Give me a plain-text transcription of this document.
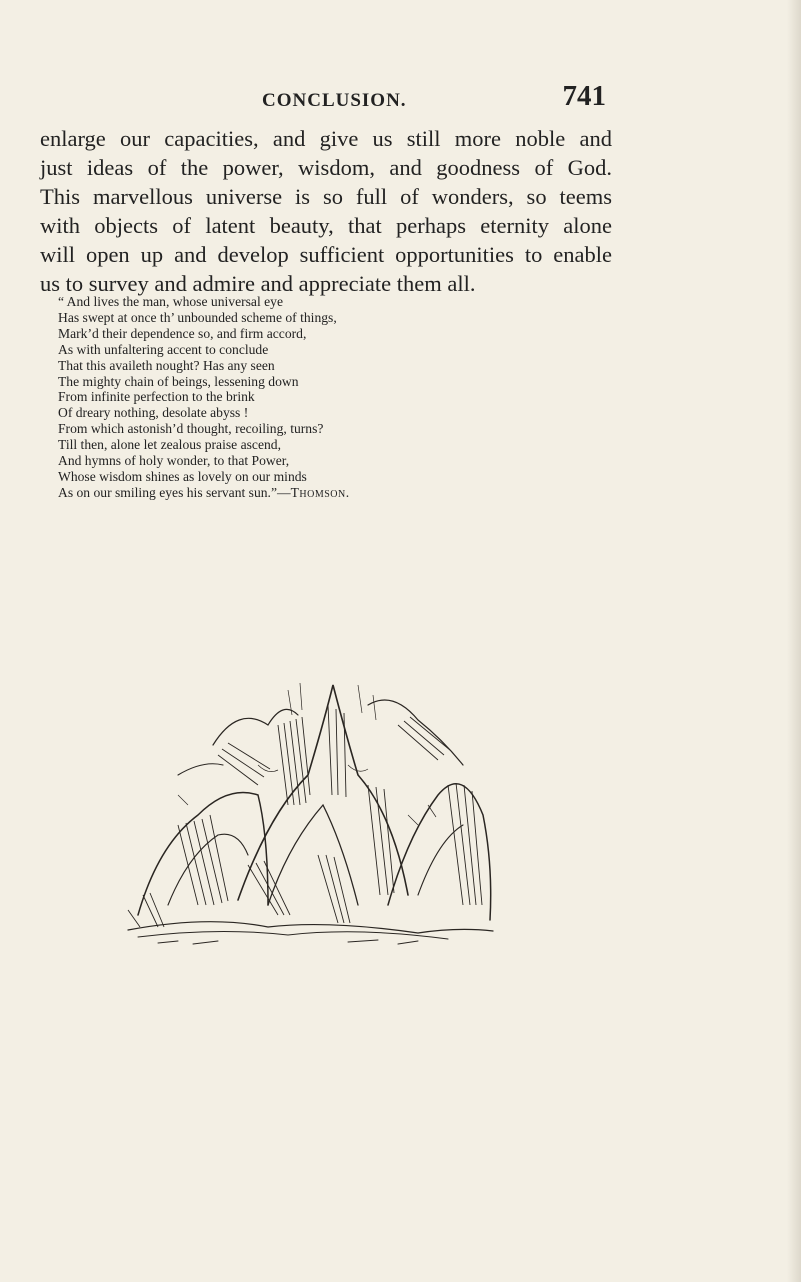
CONCLUSION.	741
enlarge our capacities, and give us still more noble and
just ideas of the power, wisdom, and goodness of God.
This marvellous universe is so full of wonders, so teems
with objects of latent beauty, that perhaps eternity alone
will open up and develop sufficient opportunities to enable
us to survey and admire and appreciate them all.
“ And lives the man, whose universal eye
Has swept at once th’ unbounded scheme of things,
Mark’d their dependence so, and firm accord,
As with unfaltering accent to conclude
That this availeth nought? Has any seen
The mighty chain of beings, lessening down
From infinite perfection to the brink
Of dreary nothing, desolate abyss !
From which astonish’d thought, recoiling, turns?
Till then, alone let zealous praise ascend,
And hymns of holy wonder, to that Power,
Whose wisdom shines as lovely on our minds
As on our smiling eyes his servant sun.”—Thomson.
